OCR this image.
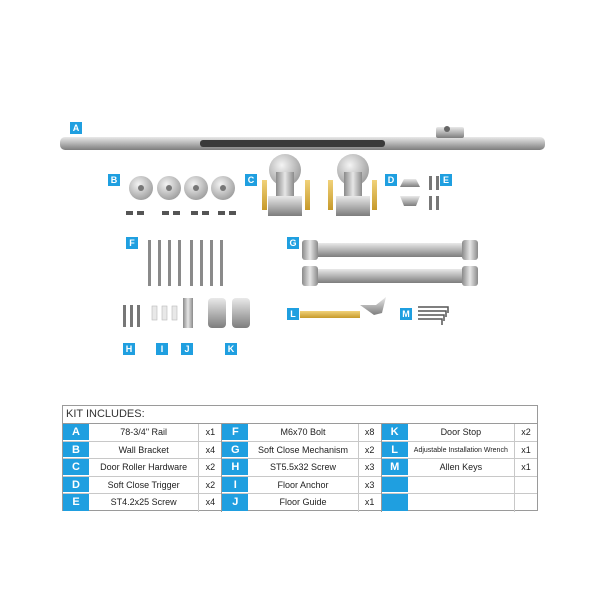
A
B	C	D	E
F	G
H	I	J	K
L	M
KIT INCLUDES:
A	78-3/4" Rail	x1
B	Wall Bracket	x4
C	Door Roller Hardware	x2
D	Soft Close Trigger	x2
E	ST4.2x25 Screw	x4
F	M6x70 Bolt	x8
G	Soft Close Mechanism	x2
H	ST5.5x32 Screw	x3
I	Floor Anchor	x3
J	Floor Guide	x1
K	Door Stop	x2
L	Adjustable Installation Wrench	x1
M	Allen Keys	x1
